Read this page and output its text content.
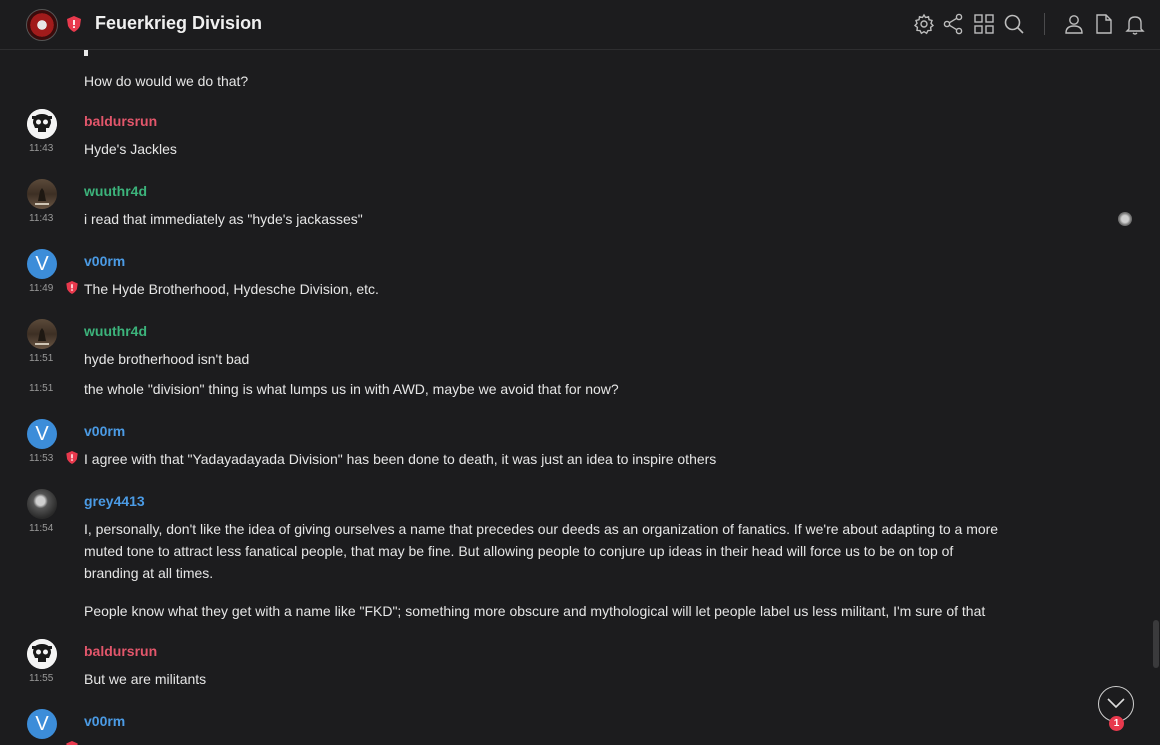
Feuerkrieg Division
How do would we do that?
baldursrun
11:43 Hyde's Jackles
wuuthr4d
11:43 i read that immediately as "hyde's jackasses"
V	v00rm
11:49 The Hyde Brotherhood, Hydesche Division, etc.
wuuthr4d
11:51 hyde brotherhood isn't bad
11:51 the whole "division" thing is what lumps us in with AWD, maybe we avoid that for now?
V	v00rm
11:53 I agree with that "Yadayadayada Division" has been done to death, it was just an idea to inspire others
grey4413
11:54 I, personally, don't like the idea of giving ourselves a name that precedes our deeds as an organization of fanatics. If we're about adapting to a more muted tone to attract less fanatical people, that may be fine. But allowing people to conjure up ideas in their head will force us to be on top of branding at all times.
People know what they get with a name like "FKD"; something more obscure and mythological will let people label us less militant, I'm sure of that
baldursrun
11:55 But we are militants
V	v00rm	1
